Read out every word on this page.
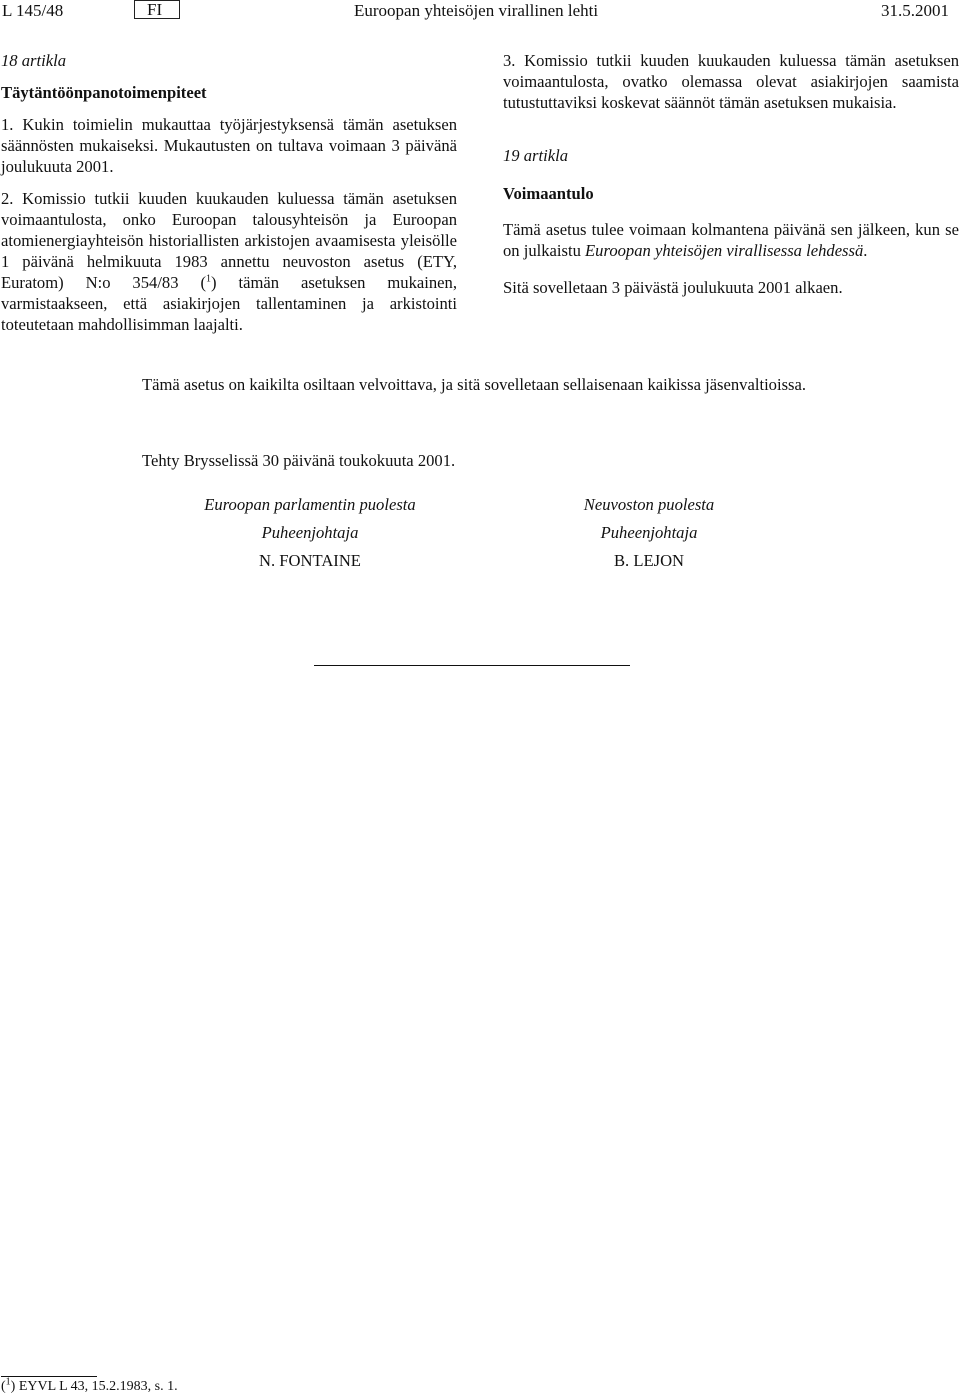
L 145/48	FI	Euroopan yhteisöjen virallinen lehti	31.5.2001

18 artikla

Täytäntöönpanotoimenpiteet

1. Kukin toimielin mukauttaa työjärjestyksensä tämän asetuksen säännösten mukaiseksi. Mukautusten on tultava voimaan 3 päivänä joulukuuta 2001.

2. Komissio tutkii kuuden kuukauden kuluessa tämän asetuksen voimaantulosta, onko Euroopan talousyhteisön ja Euroopan atomienergiayhteisön historiallisten arkistojen avaamisesta yleisölle 1 päivänä helmikuuta 1983 annettu neuvoston asetus (ETY, Euratom) N:o 354/83 ($^1$) tämän asetuksen mukainen, varmistaakseen, että asiakirjojen tallentaminen ja arkistointi toteutetaan mahdollisimman laajalti.

3. Komissio tutkii kuuden kuukauden kuluessa tämän asetuksen voimaantulosta, ovatko olemassa olevat asiakirjojen saamista tutustuttaviksi koskevat säännöt tämän asetuksen mukaisia.

19 artikla

Voimaantulo

Tämä asetus tulee voimaan kolmantena päivänä sen jälkeen, kun se on julkaistu Euroopan yhteisöjen virallisessa lehdessä.

Sitä sovelletaan 3 päivästä joulukuuta 2001 alkaen.

Tämä asetus on kaikilta osiltaan velvoittava, ja sitä sovelletaan sellaisenaan kaikissa jäsenvaltioissa.
Tehty Brysselissä 30 päivänä toukokuuta 2001.
Euroopan parlamentin puolesta
Puheenjohtaja
N. FONTAINE
Neuvoston puolesta
Puheenjohtaja
B. LEJON
($^1$) EYVL L 43, 15.2.1983, s. 1.
